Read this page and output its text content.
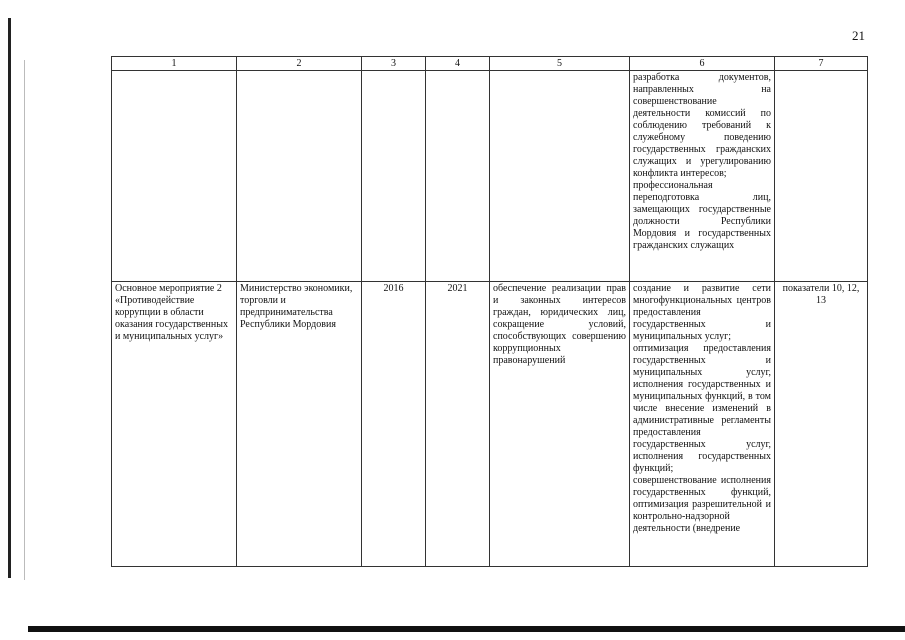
21
1	2	3	4	5	6	7

					разработка документов, направленных на совершенствование деятельности комиссий по соблюдению требований к служебному поведению государственных гражданских служащих и урегулированию конфликта интересов;
профессиональная переподготовка лиц, замещающих государственные должности Республики Мордовия и государственных гражданских служащих	

Основное мероприятие 2 «Противодействие коррупции в области оказания государственных и муниципальных услуг»	Министерство экономики, торговли и предпринимательства Республики Мордовия	2016	2021	обеспечение реализации прав и законных интересов граждан, юридических лиц, сокращение условий, способствующих совершению коррупционных правонарушений	создание и развитие сети многофункциональных центров предоставления государственных и муниципальных услуг;
оптимизация предоставления государственных и муниципальных услуг, исполнения государственных и муниципальных функций, в том числе внесение изменений в административные регламенты предоставления государственных услуг, исполнения государственных функций;
совершенствование исполнения государственных функций, оптимизация разрешительной и контрольно-надзорной деятельности (внедрение	показатели 10, 12, 13
